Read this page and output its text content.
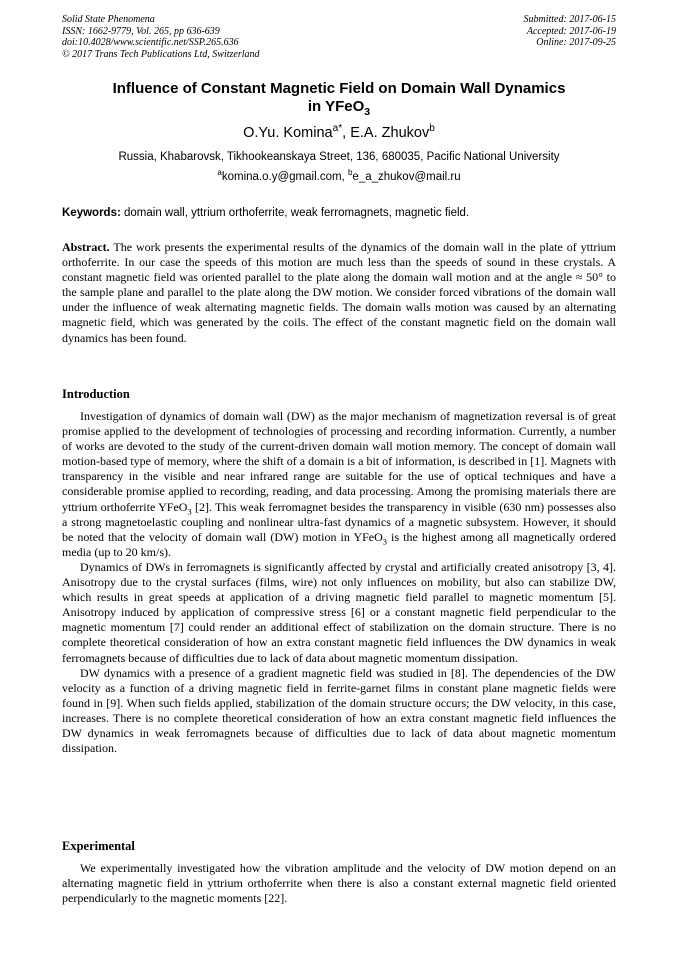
Solid State Phenomena
ISSN: 1662-9779, Vol. 265, pp 636-639
doi:10.4028/www.scientific.net/SSP.265.636
© 2017 Trans Tech Publications Ltd, Switzerland
Submitted: 2017-06-15
Accepted: 2017-06-19
Online: 2017-09-25
Influence of Constant Magnetic Field on Domain Wall Dynamics
in YFeO$_3$
O.Yu. Komina$^{a*}$, E.A. Zhukov$^b$
Russia, Khabarovsk, Tikhookeanskaya Street, 136, 680035, Pacific National University
$^a$komina.o.y@gmail.com, $^b$e_a_zhukov@mail.ru
Keywords: domain wall, yttrium orthoferrite, weak ferromagnets, magnetic field.

Abstract. The work presents the experimental results of the dynamics of the domain wall in the plate of yttrium orthoferrite. In our case the speeds of this motion are much less than the speeds of sound in these crystals. A constant magnetic field was oriented parallel to the plate along the domain wall motion and at the angle ≈ 50° to the sample plane and parallel to the plate along the DW motion. We consider forced vibrations of the domain wall under the influence of weak alternating magnetic fields. The domain walls motion was caused by an alternating magnetic field, which was generated by the coils. The effect of the constant magnetic field on the domain wall dynamics has been found.

Introduction

Investigation of dynamics of domain wall (DW) as the major mechanism of magnetization reversal is of great promise applied to the development of technologies of processing and recording information. Currently, a number of works are devoted to the study of the current-driven domain wall motion memory. The concept of domain wall motion-based type of memory, where the shift of a domain is a bit of information, is described in [1]. Magnets with transparency in the visible and near infrared range are suitable for the use of optical techniques and have a considerable promise applied to recording, reading, and data processing. Among the promising materials there are yttrium orthoferrite YFeO$_3$ [2]. This weak ferromagnet besides the transparency in visible (630 nm) possesses also a strong magnetoelastic coupling and nonlinear ultra-fast dynamics of a magnetic subsystem. However, it should be noted that the velocity of domain wall (DW) motion in YFeO$_3$ is the highest among all magnetically ordered media (up to 20 km/s).

Dynamics of DWs in ferromagnets is significantly affected by crystal and artificially created anisotropy [3, 4]. Anisotropy due to the crystal surfaces (films, wire) not only influences on mobility, but also can stabilize DW, which results in great speeds at application of a driving magnetic field parallel to magnetic momentum [5]. Anisotropy induced by application of compressive stress [6] or a constant magnetic field perpendicular to the magnetic momentum [7] could render an additional effect of stabilization on the domain structure. There is no complete theoretical consideration of how an extra constant magnetic field influences the DW dynamics in weak ferromagnets because of difficulties due to lack of data about magnetic momentum dissipation.

DW dynamics with a presence of a gradient magnetic field was studied in [8]. The dependencies of the DW velocity as a function of a driving magnetic field in ferrite-garnet films in constant plane magnetic fields were found in [9]. When such fields applied, stabilization of the domain structure occurs; the DW velocity, in this case, increases. There is no complete theoretical consideration of how an extra constant magnetic field influences the DW dynamics in weak ferromagnets because of difficulties due to lack of data about magnetic momentum dissipation.

Experimental

We experimentally investigated how the vibration amplitude and the velocity of DW motion depend on an alternating magnetic field in yttrium orthoferrite when there is also a constant external magnetic field oriented perpendicularly to the magnetic moments [22].
